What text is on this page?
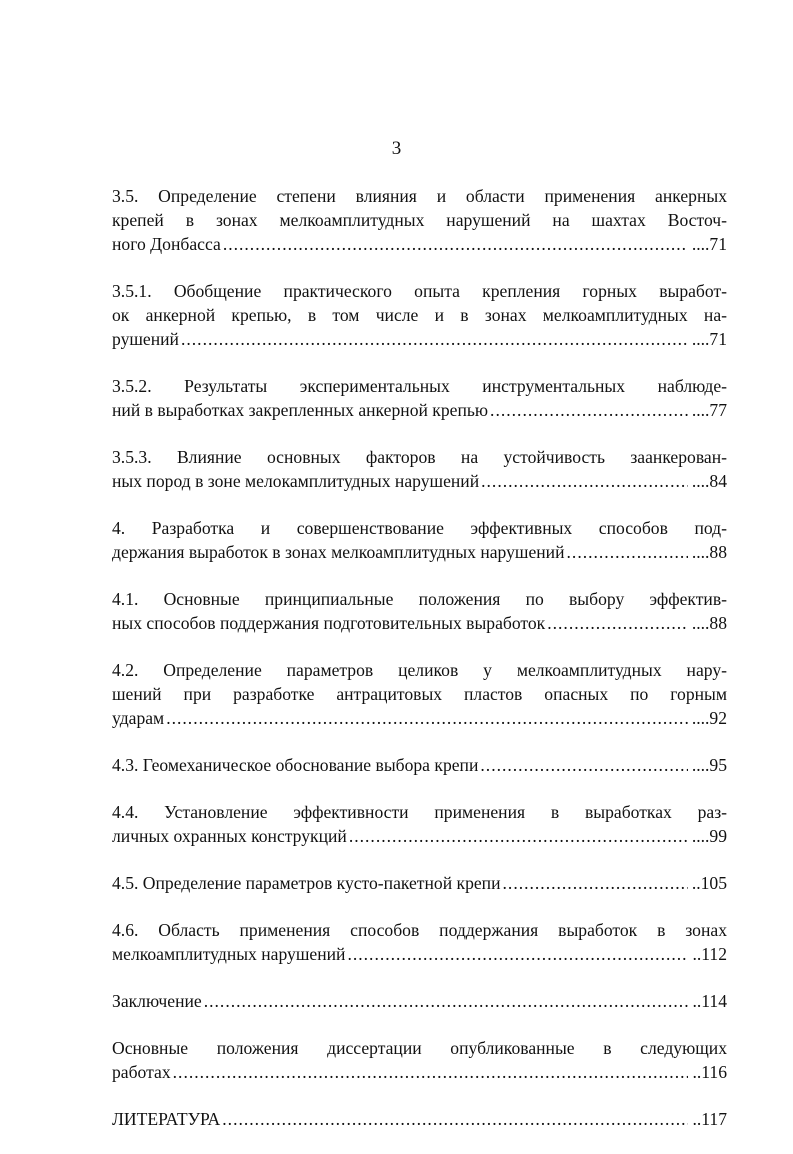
3
3.5. Определение степени влияния и области применения анкерных
крепей в зонах мелкоамплитудных нарушений на шахтах Восточ-
ного Донбасса .....	....71
3.5.1. Обобщение практического опыта крепления горных выработ-
ок анкерной крепью, в том числе и в зонах мелкоамплитудных на-
рушений .....	....71
3.5.2. Результаты экспериментальных инструментальных наблюде-
ний в выработках закрепленных анкерной крепью .....	....77
3.5.3. Влияние основных факторов на устойчивость заанкерован-
ных пород в зоне мелокамплитудных нарушений .....	....84
4. Разработка и совершенствование эффективных способов под-
держания выработок в зонах мелкоамплитудных нарушений .....	....88
4.1. Основные принципиальные положения по выбору эффектив-
ных способов поддержания подготовительных выработок .....	....88
4.2. Определение параметров целиков у мелкоамплитудных нару-
шений при разработке антрацитовых пластов опасных по горным
ударам .....	....92
4.3. Геомеханическое обоснование выбора крепи .....	....95
4.4. Установление эффективности применения в выработках раз-
личных охранных конструкций .....	....99
4.5. Определение параметров кусто-пакетной крепи .....	..105
4.6. Область применения способов поддержания выработок в зонах
мелкоамплитудных нарушений .....	..112
Заключение .....	..114
Основные положения диссертации опубликованные в следующих
работах .....	..116
ЛИТЕРАТУРА .....	..117
